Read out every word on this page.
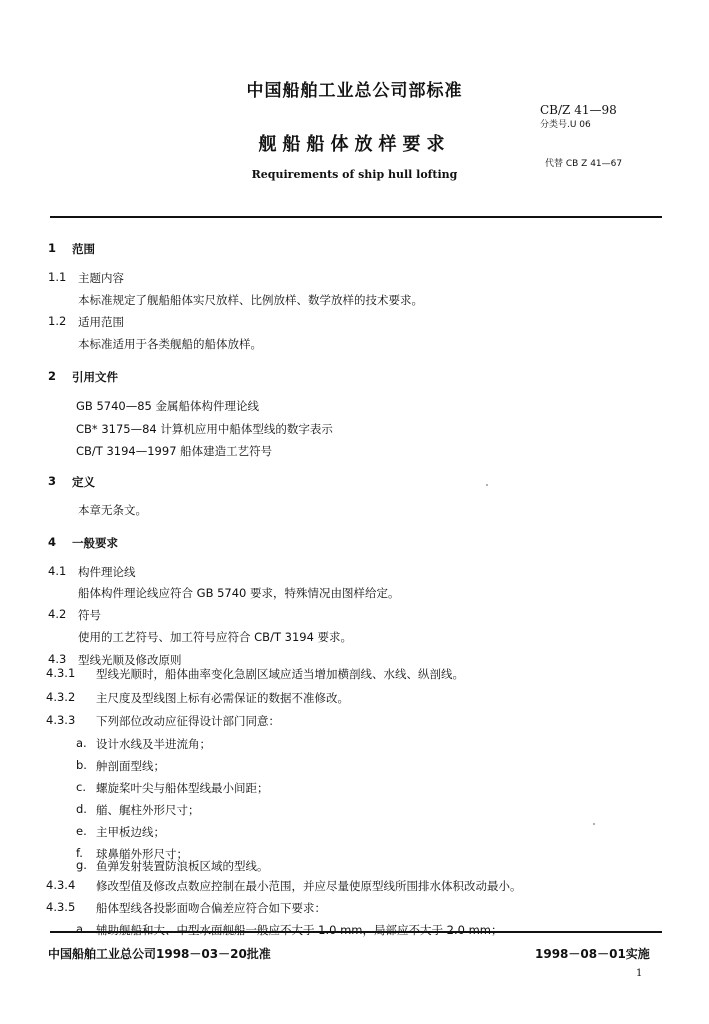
中国船舶工业总公司部标准
CB/Z 41—98
分类号.U 06
舰船船体放样要求
代替 CB Z 41—67
Requirements of ship hull lofting
1 范围
1.1 主题内容
本标准规定了舰船船体实尺放样、比例放样、数学放样的技术要求。
1.2 适用范围
本标准适用于各类舰船的船体放样。
2 引用文件
GB 5740—85 金属船体构件理论线
CB* 3175—84 计算机应用中船体型线的数字表示
CB/T 3194—1997 船体建造工艺符号
3 定义
本章无条文。
4 一般要求
4.1 构件理论线
船体构件理论线应符合 GB 5740 要求，特殊情况由图样给定。
4.2 符号
使用的工艺符号、加工符号应符合 CB/T 3194 要求。
4.3 型线光顺及修改原则
4.3.1 型线光顺时，船体曲率变化急剧区域应适当增加横剖线、水线、纵剖线。
4.3.2 主尺度及型线图上标有必需保证的数据不准修改。
4.3.3 下列部位改动应征得设计部门同意：
a. 设计水线及半进流角；
b. 舯剖面型线；
c. 螺旋桨叶尖与船体型线最小间距；
d. 艏、艉柱外形尺寸；
e. 主甲板边线；
f. 球鼻艏外形尺寸；
g. 鱼弹发射装置防浪板区域的型线。
4.3.4 修改型值及修改点数应控制在最小范围，并应尽量使原型线所围排水体积改动最小。
4.3.5 船体型线各投影面吻合偏差应符合如下要求：
a. 辅助舰船和大、中型水面舰船一般应不大于 1.0 mm，局部应不大于 2.0 mm；
中国船舶工业总公司1998－03－20批准	1998－08－01实施
1
